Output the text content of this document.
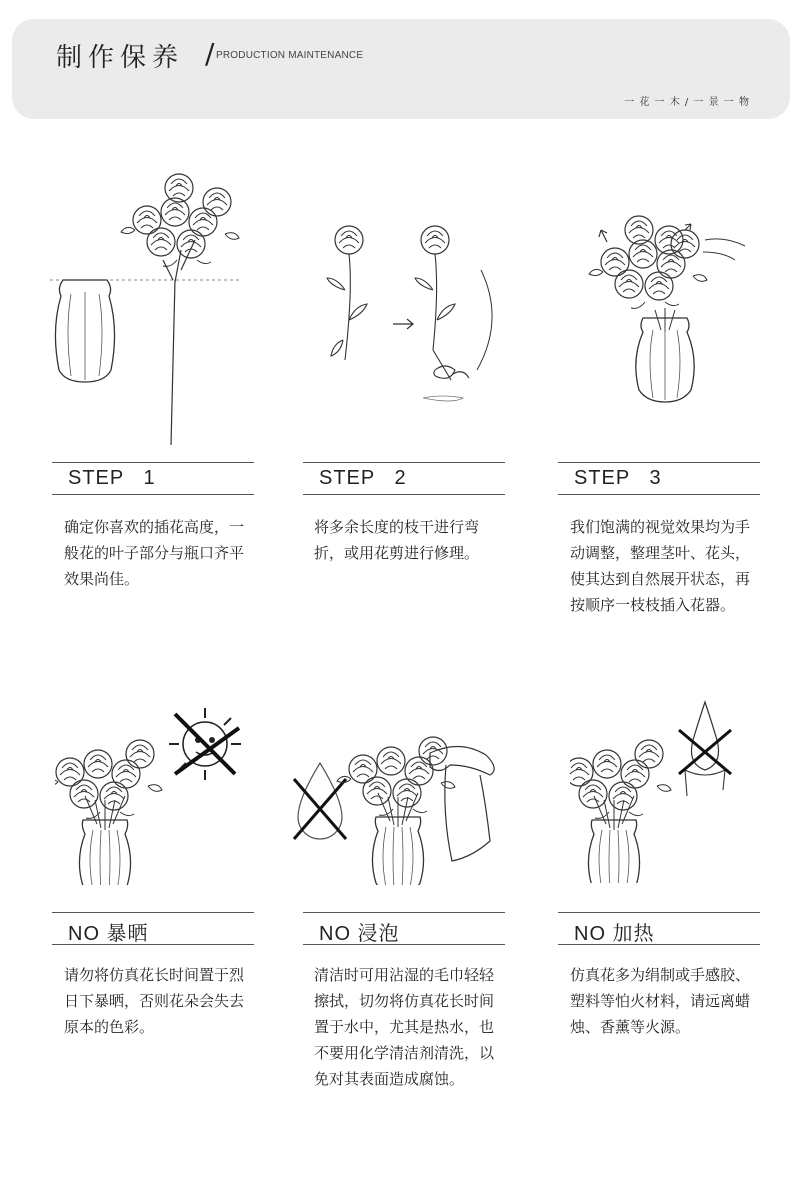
制作保养 / PRODUCTION MAINTENANCE
一 花 一 木 / 一 景 一 物
STEP   1	STEP   2	STEP   3
确定你喜欢的插花高度，一般花的叶子部分与瓶口齐平效果尚佳。
将多余长度的枝干进行弯折，或用花剪进行修理。
我们饱满的视觉效果均为手动调整，整理茎叶、花头，使其达到自然展开状态，再按顺序一枝枝插入花器。
NO 暴晒	NO 浸泡	NO 加热
请勿将仿真花长时间置于烈日下暴晒，否则花朵会失去原本的色彩。
清洁时可用沾湿的毛巾轻轻擦拭，切勿将仿真花长时间置于水中，尤其是热水，也不要用化学清洁剂清洗，以免对其表面造成腐蚀。
仿真花多为绢制或手感胶、塑料等怕火材料，请远离蜡烛、香薰等火源。
